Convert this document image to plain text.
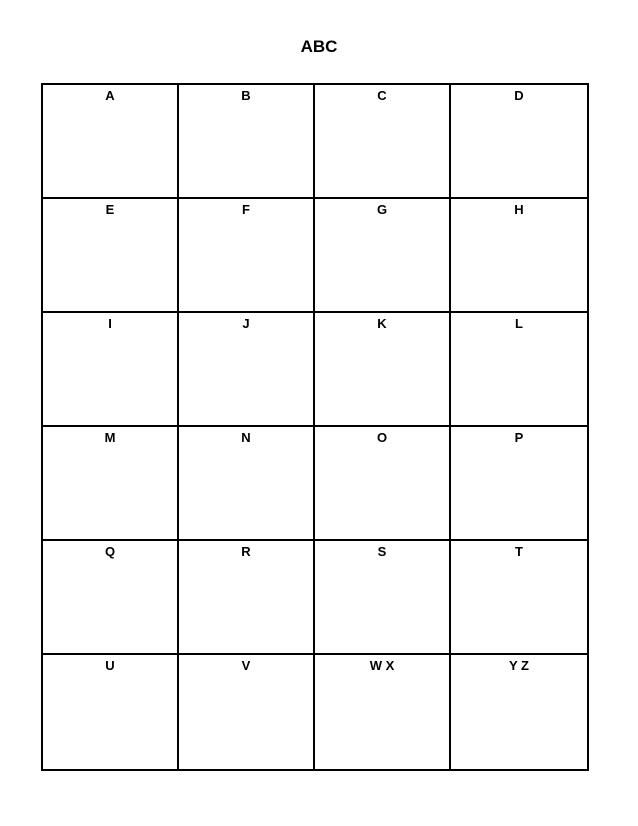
ABC
A	B	C	D
E	F	G	H
I	J	K	L
M	N	O	P
Q	R	S	T
U	V	W X	Y Z
